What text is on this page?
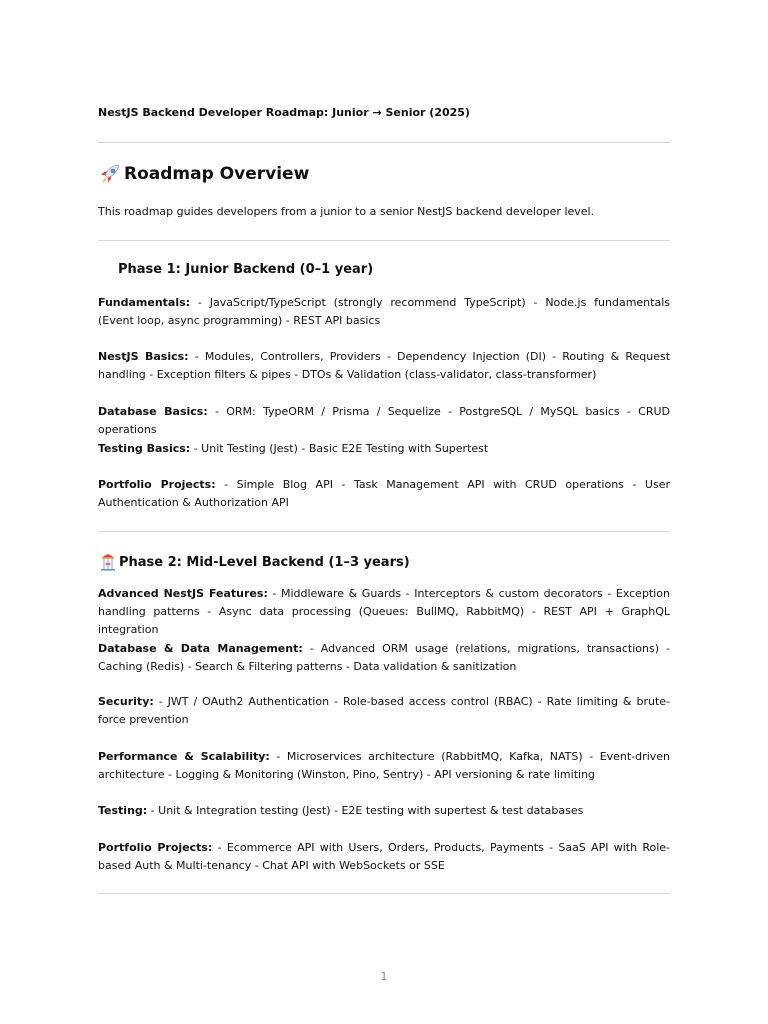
NestJS Backend Developer Roadmap: Junior → Senior (2025)
Roadmap Overview
This roadmap guides developers from a junior to a senior NestJS backend developer level.
Phase 1: Junior Backend (0–1 year)
Fundamentals: - JavaScript/TypeScript (strongly recommend TypeScript) - Node.js fundamentals (Event loop, async programming) - REST API basics
NestJS Basics: - Modules, Controllers, Providers - Dependency Injection (DI) - Routing & Request handling - Exception filters & pipes - DTOs & Validation (class-validator, class-transformer)
Database Basics: - ORM: TypeORM / Prisma / Sequelize - PostgreSQL / MySQL basics - CRUD operations
Testing Basics: - Unit Testing (Jest) - Basic E2E Testing with Supertest
Portfolio Projects: - Simple Blog API - Task Management API with CRUD operations - User Authentication & Authorization API
Phase 2: Mid-Level Backend (1–3 years)
Advanced NestJS Features: - Middleware & Guards - Interceptors & custom decorators - Exception handling patterns - Async data processing (Queues: BullMQ, RabbitMQ) - REST API + GraphQL integration
Database & Data Management: - Advanced ORM usage (relations, migrations, transactions) - Caching (Redis) - Search & Filtering patterns - Data validation & sanitization
Security: - JWT / OAuth2 Authentication - Role-based access control (RBAC) - Rate limiting & brute-force prevention
Performance & Scalability: - Microservices architecture (RabbitMQ, Kafka, NATS) - Event-driven architecture - Logging & Monitoring (Winston, Pino, Sentry) - API versioning & rate limiting
Testing: - Unit & Integration testing (Jest) - E2E testing with supertest & test databases
Portfolio Projects: - Ecommerce API with Users, Orders, Products, Payments - SaaS API with Role-based Auth & Multi-tenancy - Chat API with WebSockets or SSE
1
